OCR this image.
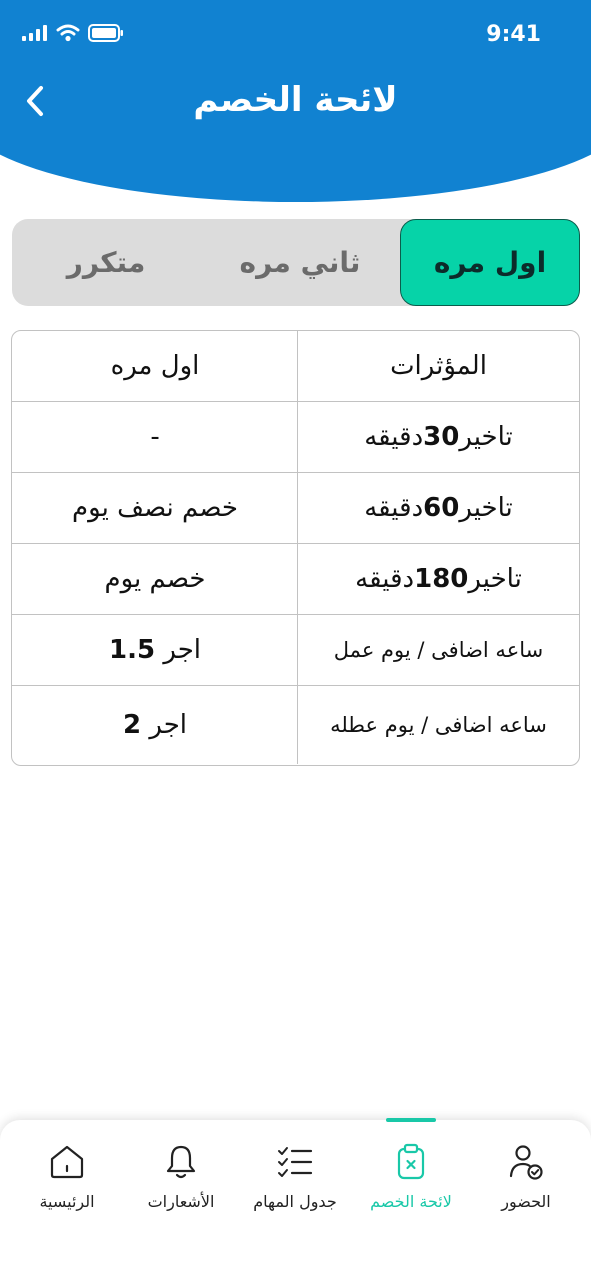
9:41
لائحة الخصم
اول مره
ثاني مره
متكرر
المؤثرات
اول مره
تاخير
30
دقيقه
-
تاخير
60
دقيقه
خصم نصف يوم
تاخير
180
دقيقه
خصم يوم
ساعه اضافى / يوم عمل
اجر

1.5
ساعه اضافى / يوم عطله
اجر

2
الحضور
لائحة الخصم
جدول المهام
الأشعارات
الرئيسية
